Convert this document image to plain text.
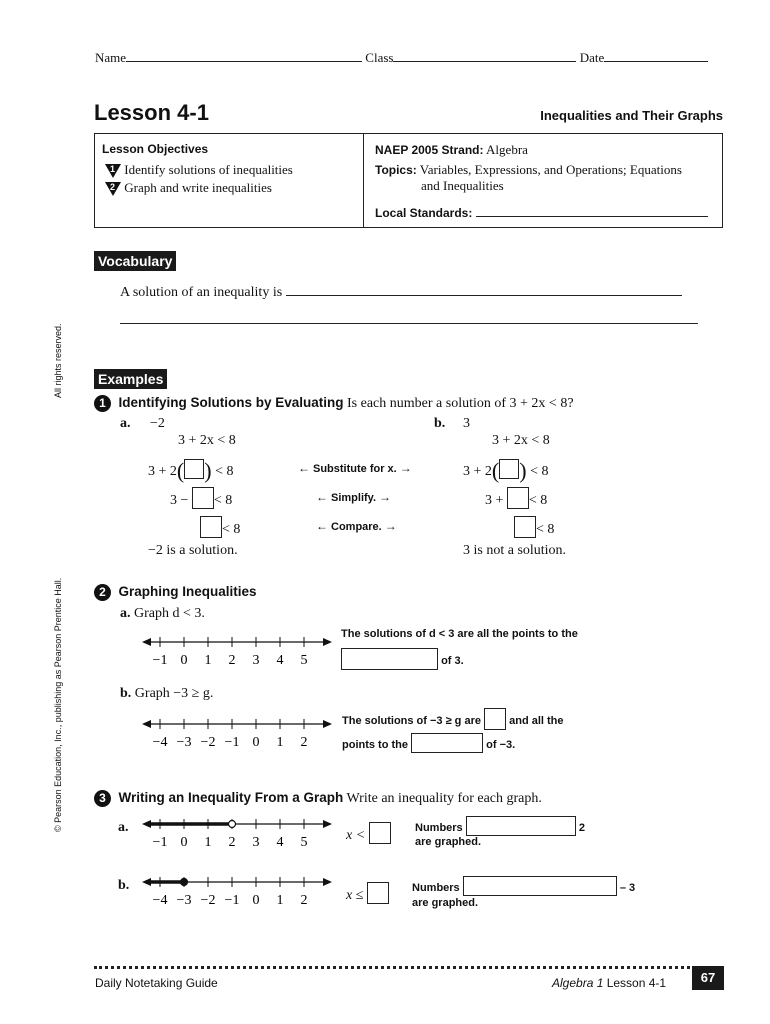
Name	Class	Date
Lesson 4-1	Inequalities and Their Graphs
Lesson Objectives
1 Identify solutions of inequalities
2 Graph and write inequalities
NAEP 2005 Strand: Algebra
Topics: Variables, Expressions, and Operations; Equations
and Inequalities
Local Standards:
Vocabulary
A solution of an inequality is
All rights reserved.
© Pearson Education, Inc., publishing as Pearson Prentice Hall.
Examples
1 Identifying Solutions by Evaluating Is each number a solution of 3 + 2x < 8?
a. −2	b. 3
3 + 2x < 8
3 + 2( ) < 8
3 − < 8
< 8
−2 is a solution.
← Substitute for x. →
← Simplify. →
← Compare. →
3 + 2x < 8
3 + 2( ) < 8
3 + < 8
< 8
3 is not a solution.
2 Graphing Inequalities
a. Graph d < 3.
−1 0 1 2 3 4 5
The solutions of d < 3 are all the points to the
of 3.
b. Graph −3 ≥ g.
−4 −3 −2 −1 0 1 2
The solutions of −3 ≥ g are	and all the
points to the	of −3.
3 Writing an Inequality From a Graph Write an inequality for each graph.
a.
−1 0 1 2 3 4 5	x <	Numbers	2
are graphed.
b.
−4 −3 −2 −1 0 1 2	x ≤	Numbers	– 3
are graphed.
Daily Notetaking Guide	Algebra 1 Lesson 4-1	67
